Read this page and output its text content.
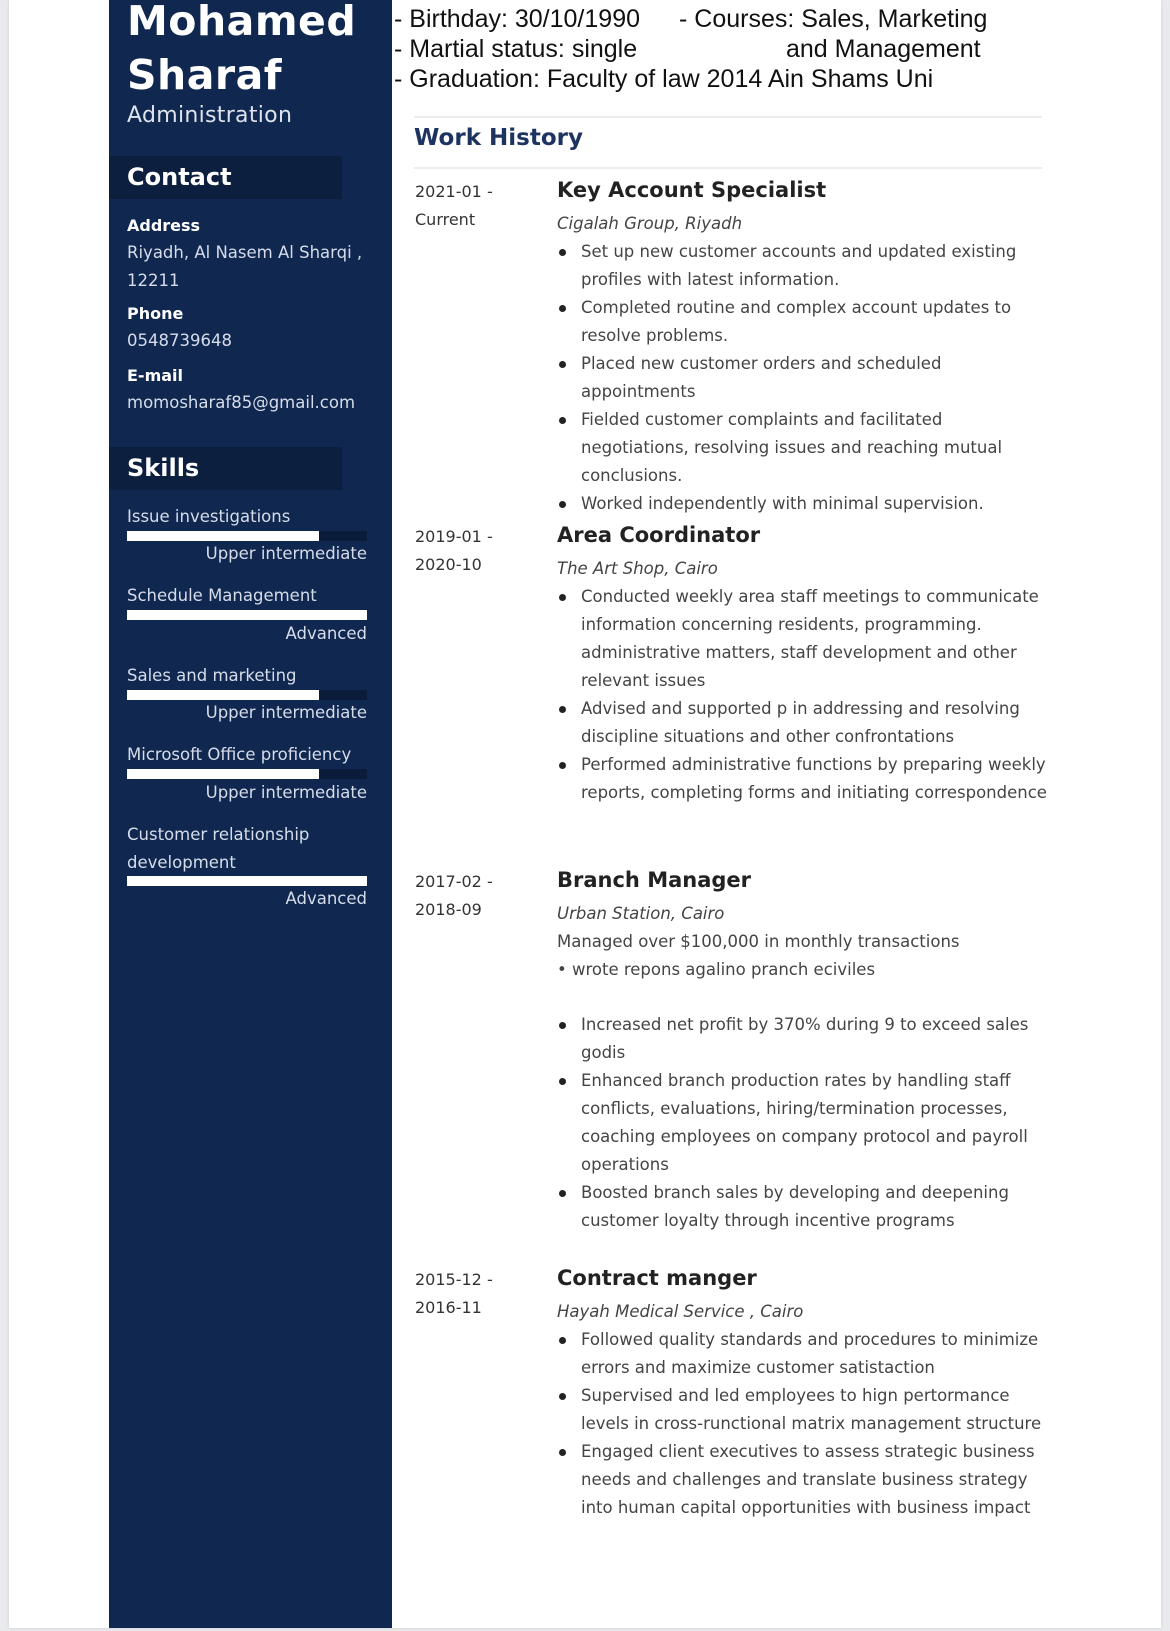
Mohamed
Sharaf
Administration
Contact
Address
Riyadh, Al Nasem Al Sharqi , 12211
Phone
0548739648
E-mail
momosharaf85@gmail.com
Skills
Issue investigations
Upper intermediate
Schedule Management
Advanced
Sales and marketing
Upper intermediate
Microsoft Office proficiency
Upper intermediate
Customer relationship development
Advanced
- Birthday: 30/10/1990
- Martial status: single
- Graduation: Faculty of law 2014 Ain Shams Uni
- Courses: Sales, Marketing
and Management
Work History
2021-01 -
Current
Key Account Specialist
Cigalah Group, Riyadh
Set up new customer accounts and updated existing profiles with latest information.
Completed routine and complex account updates to resolve problems.
Placed new customer orders and scheduled appointments
Fielded customer complaints and facilitated negotiations, resolving issues and reaching mutual conclusions.
Worked independently with minimal supervision.
2019-01 -
2020-10
Area Coordinator
The Art Shop, Cairo
Conducted weekly area staff meetings to communicate information concerning residents, programming. administrative matters, staff development and other relevant issues
Advised and supported p in addressing and resolving discipline situations and other confrontations
Performed administrative functions by preparing weekly reports, completing forms and initiating correspondence
2017-02 -
2018-09
Branch Manager
Urban Station, Cairo

Managed over $100,000 in monthly transactions

• wrote repons agalino pranch eciviles

Increased net profit by 370% during 9 to exceed sales godis
Enhanced branch production rates by handling staff conflicts, evaluations, hiring/termination processes, coaching employees on company protocol and payroll operations
Boosted branch sales by developing and deepening customer loyalty through incentive programs
2015-12 -
2016-11
Contract manger
Hayah Medical Service , Cairo
Followed quality standards and procedures to minimize errors and maximize customer satistaction
Supervised and led employees to hign pertormance levels in cross-runctional matrix management structure
Engaged client executives to assess strategic business needs and challenges and translate business strategy into human capital opportunities with business impact
